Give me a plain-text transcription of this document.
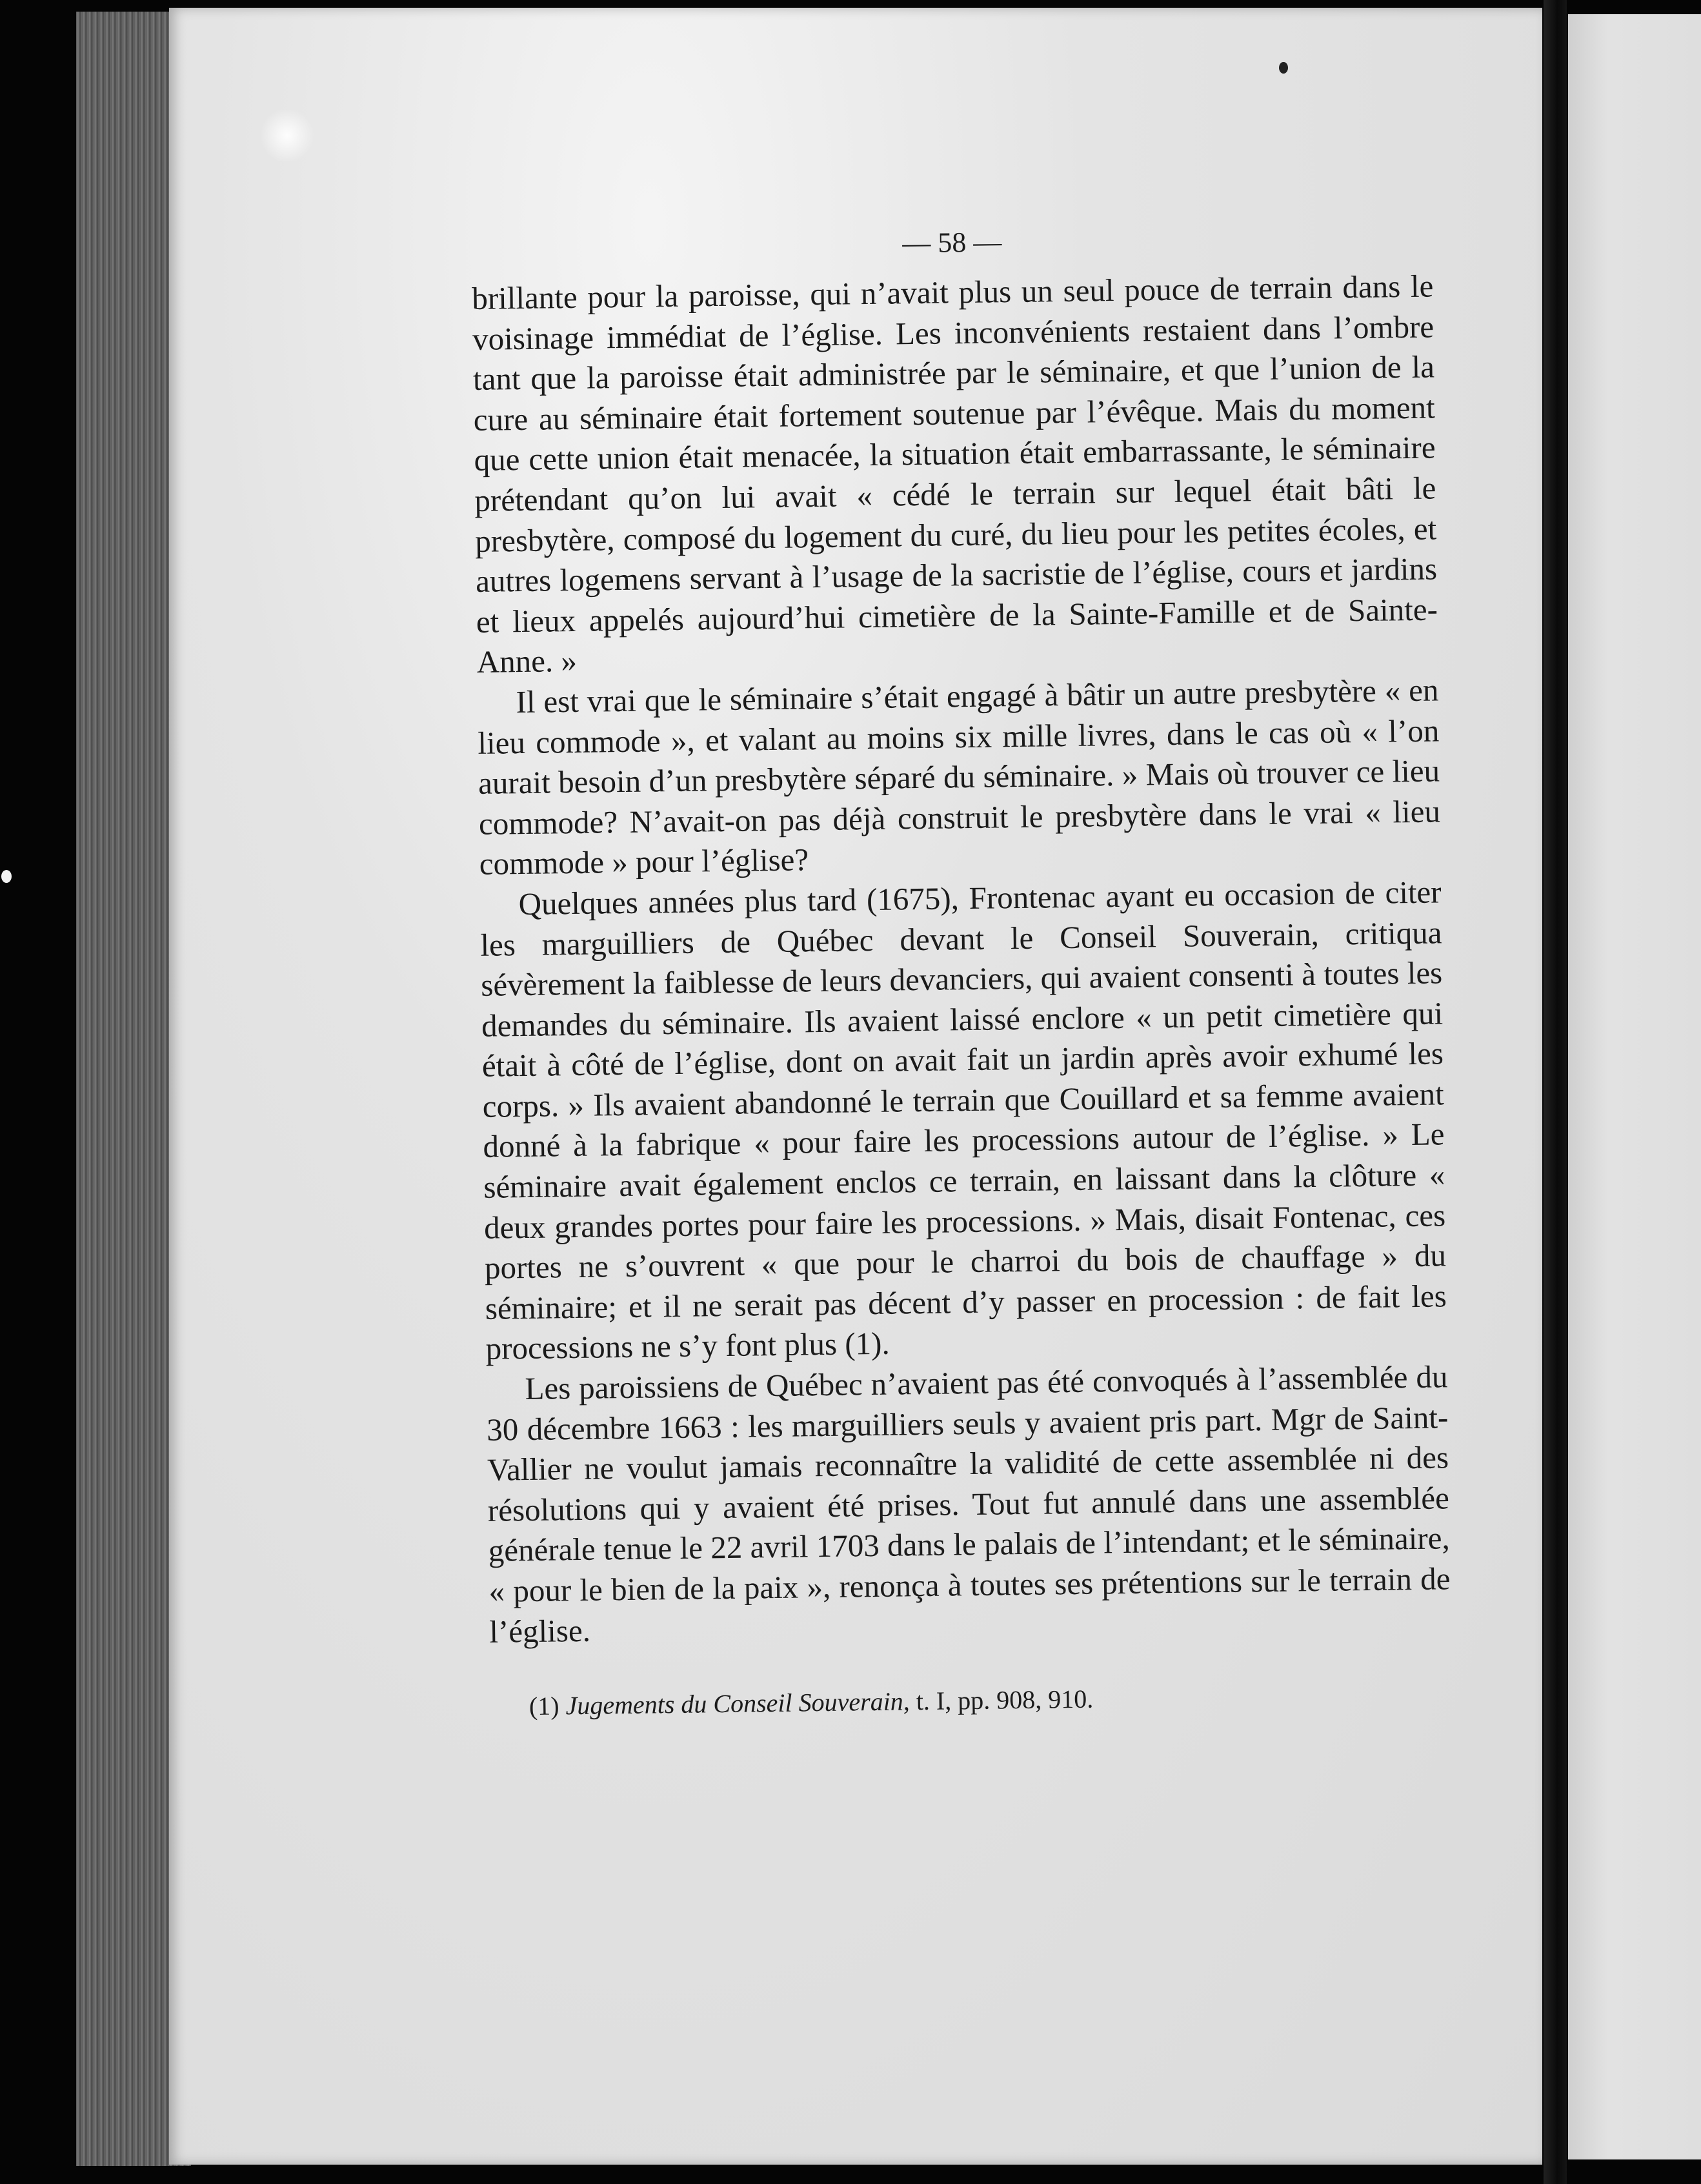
— 58 —

brillante pour la paroisse, qui n’avait plus un seul pouce de terrain dans le voisinage immédiat de l’église. Les inconvénients restaient dans l’ombre tant que la paroisse était administrée par le séminaire, et que l’union de la cure au séminaire était fortement soutenue par l’évêque. Mais du moment que cette union était menacée, la situation était embarrassante, le séminaire prétendant qu’on lui avait « cédé le terrain sur lequel était bâti le presbytère, composé du logement du curé, du lieu pour les petites écoles, et autres logemens servant à l’usage de la sacristie de l’église, cours et jardins et lieux appelés aujourd’hui cimetière de la Sainte-Famille et de Sainte-Anne. »

Il est vrai que le séminaire s’était engagé à bâtir un autre presbytère « en lieu commode », et valant au moins six mille livres, dans le cas où « l’on aurait besoin d’un presbytère séparé du séminaire. » Mais où trouver ce lieu commode? N’avait-on pas déjà construit le presbytère dans le vrai « lieu commode » pour l’église?

Quelques années plus tard (1675), Frontenac ayant eu occasion de citer les marguilliers de Québec devant le Conseil Souverain, critiqua sévèrement la faiblesse de leurs devanciers, qui avaient consenti à toutes les demandes du séminaire. Ils avaient laissé enclore « un petit cimetière qui était à côté de l’église, dont on avait fait un jardin après avoir exhumé les corps. » Ils avaient abandonné le terrain que Couillard et sa femme avaient donné à la fabrique « pour faire les processions autour de l’église. » Le séminaire avait également enclos ce terrain, en laissant dans la clôture « deux grandes portes pour faire les processions. » Mais, disait Fontenac, ces portes ne s’ouvrent « que pour le charroi du bois de chauffage » du séminaire; et il ne serait pas décent d’y passer en procession : de fait les processions ne s’y font plus (1).

Les paroissiens de Québec n’avaient pas été convoqués à l’assemblée du 30 décembre 1663 : les marguilliers seuls y avaient pris part. Mgr de Saint-Vallier ne voulut jamais reconnaître la validité de cette assemblée ni des résolutions qui y avaient été prises. Tout fut annulé dans une assemblée générale tenue le 22 avril 1703 dans le palais de l’intendant; et le séminaire, « pour le bien de la paix », renonça à toutes ses prétentions sur le terrain de l’église.

(1) Jugements du Conseil Souverain, t. I, pp. 908, 910.
